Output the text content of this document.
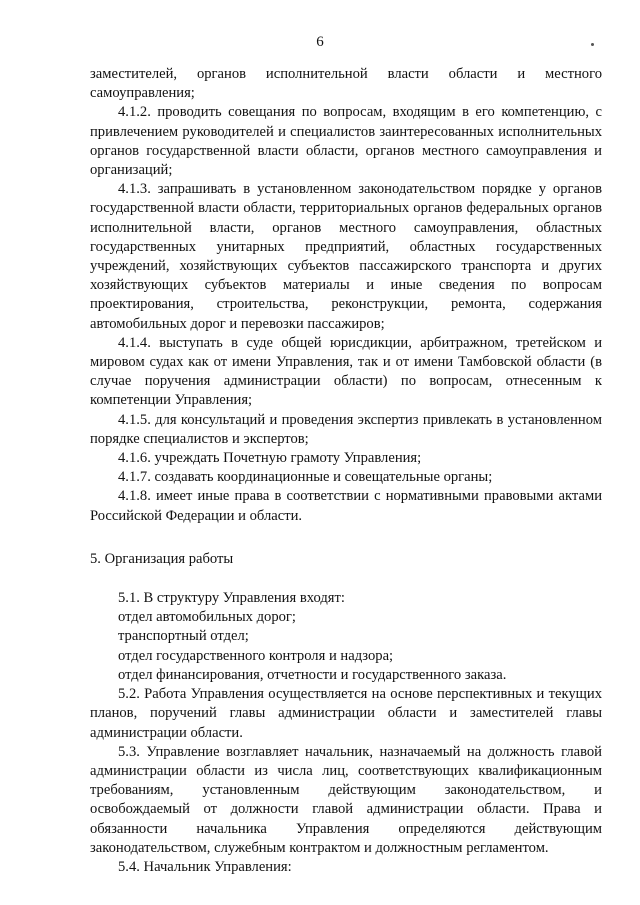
6

заместителей, органов исполнительной власти области и местного самоуправления;

4.1.2. проводить совещания по вопросам, входящим в его компетенцию, с привлечением руководителей и специалистов заинтересованных исполнительных органов государственной власти области, органов местного самоуправления и организаций;

4.1.3. запрашивать в установленном законодательством порядке у органов государственной власти области, территориальных органов федеральных органов исполнительной власти, органов местного самоуправления, областных государственных унитарных предприятий, областных государственных учреждений, хозяйствующих субъектов пассажирского транспорта и других хозяйствующих субъектов материалы и иные сведения по вопросам проектирования, строительства, реконструкции, ремонта, содержания автомобильных дорог и перевозки пассажиров;

4.1.4. выступать в суде общей юрисдикции, арбитражном, третейском и мировом судах как от имени Управления, так и от имени Тамбовской области (в случае поручения администрации области) по вопросам, отнесенным к компетенции Управления;

4.1.5. для консультаций и проведения экспертиз привлекать в установленном порядке специалистов и экспертов;

4.1.6. учреждать Почетную грамоту Управления;

4.1.7. создавать координационные и совещательные органы;

4.1.8. имеет иные права в соответствии с нормативными правовыми актами Российской Федерации и области.

5. Организация работы

5.1. В структуру Управления входят:

отдел автомобильных дорог;

транспортный отдел;

отдел государственного контроля и надзора;

отдел финансирования, отчетности и государственного заказа.

5.2. Работа Управления осуществляется на основе перспективных и текущих планов, поручений главы администрации области и заместителей главы администрации области.

5.3. Управление возглавляет начальник, назначаемый на должность главой администрации области из числа лиц, соответствующих квалификационным требованиям, установленным действующим законодательством, и освобождаемый от должности главой администрации области. Права и обязанности начальника Управления определяются действующим законодательством, служебным контрактом и должностным регламентом.

5.4. Начальник Управления:
